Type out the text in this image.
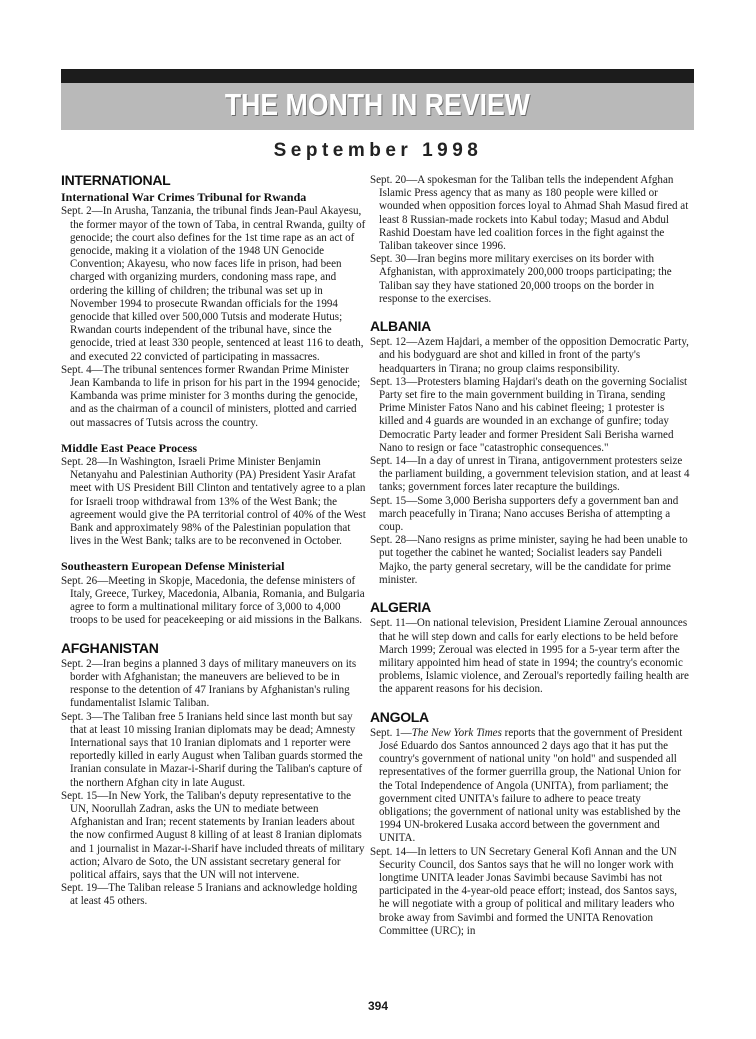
THE MONTH IN REVIEW
September 1998
INTERNATIONAL
International War Crimes Tribunal for Rwanda

Sept. 2—In Arusha, Tanzania, the tribunal finds Jean-Paul Akayesu, the former mayor of the town of Taba, in central Rwanda, guilty of genocide; the court also defines for the 1st time rape as an act of genocide, making it a violation of the 1948 UN Genocide Convention; Akayesu, who now faces life in prison, had been charged with organizing murders, condoning mass rape, and ordering the killing of children; the tribunal was set up in November 1994 to prosecute Rwandan officials for the 1994 genocide that killed over 500,000 Tutsis and moderate Hutus; Rwandan courts independent of the tribunal have, since the genocide, tried at least 330 people, sentenced at least 116 to death, and executed 22 convicted of participating in massacres.

Sept. 4—The tribunal sentences former Rwandan Prime Minister Jean Kambanda to life in prison for his part in the 1994 genocide; Kambanda was prime minister for 3 months during the genocide, and as the chairman of a council of ministers, plotted and carried out massacres of Tutsis across the country.

Middle East Peace Process

Sept. 28—In Washington, Israeli Prime Minister Benjamin Netanyahu and Palestinian Authority (PA) President Yasir Arafat meet with US President Bill Clinton and tentatively agree to a plan for Israeli troop withdrawal from 13% of the West Bank; the agreement would give the PA territorial control of 40% of the West Bank and approximately 98% of the Palestinian population that lives in the West Bank; talks are to be reconvened in October.

Southeastern European Defense Ministerial

Sept. 26—Meeting in Skopje, Macedonia, the defense ministers of Italy, Greece, Turkey, Macedonia, Albania, Romania, and Bulgaria agree to form a multinational military force of 3,000 to 4,000 troops to be used for peacekeeping or aid missions in the Balkans.

AFGHANISTAN

Sept. 2—Iran begins a planned 3 days of military maneuvers on its border with Afghanistan; the maneuvers are believed to be in response to the detention of 47 Iranians by Afghanistan's ruling fundamentalist Islamic Taliban.

Sept. 3—The Taliban free 5 Iranians held since last month but say that at least 10 missing Iranian diplomats may be dead; Amnesty International says that 10 Iranian diplomats and 1 reporter were reportedly killed in early August when Taliban guards stormed the Iranian consulate in Mazar-i-Sharif during the Taliban's capture of the northern Afghan city in late August.

Sept. 15—In New York, the Taliban's deputy representative to the UN, Noorullah Zadran, asks the UN to mediate between Afghanistan and Iran; recent statements by Iranian leaders about the now confirmed August 8 killing of at least 8 Iranian diplomats and 1 journalist in Mazar-i-Sharif have included threats of military action; Alvaro de Soto, the UN assistant secretary general for political affairs, says that the UN will not intervene.

Sept. 19—The Taliban release 5 Iranians and acknowledge holding at least 45 others.

Sept. 20—A spokesman for the Taliban tells the independent Afghan Islamic Press agency that as many as 180 people were killed or wounded when opposition forces loyal to Ahmad Shah Masud fired at least 8 Russian-made rockets into Kabul today; Masud and Abdul Rashid Doestam have led coalition forces in the fight against the Taliban takeover since 1996.

Sept. 30—Iran begins more military exercises on its border with Afghanistan, with approximately 200,000 troops participating; the Taliban say they have stationed 20,000 troops on the border in response to the exercises.

ALBANIA

Sept. 12—Azem Hajdari, a member of the opposition Democratic Party, and his bodyguard are shot and killed in front of the party's headquarters in Tirana; no group claims responsibility.

Sept. 13—Protesters blaming Hajdari's death on the governing Socialist Party set fire to the main government building in Tirana, sending Prime Minister Fatos Nano and his cabinet fleeing; 1 protester is killed and 4 guards are wounded in an exchange of gunfire; today Democratic Party leader and former President Sali Berisha warned Nano to resign or face "catastrophic consequences."

Sept. 14—In a day of unrest in Tirana, antigovernment protesters seize the parliament building, a government television station, and at least 4 tanks; government forces later recapture the buildings.

Sept. 15—Some 3,000 Berisha supporters defy a government ban and march peacefully in Tirana; Nano accuses Berisha of attempting a coup.

Sept. 28—Nano resigns as prime minister, saying he had been unable to put together the cabinet he wanted; Socialist leaders say Pandeli Majko, the party general secretary, will be the candidate for prime minister.

ALGERIA

Sept. 11—On national television, President Liamine Zeroual announces that he will step down and calls for early elections to be held before March 1999; Zeroual was elected in 1995 for a 5-year term after the military appointed him head of state in 1994; the country's economic problems, Islamic violence, and Zeroual's reportedly failing health are the apparent reasons for his decision.

ANGOLA

Sept. 1—The New York Times reports that the government of President José Eduardo dos Santos announced 2 days ago that it has put the country's government of national unity "on hold" and suspended all representatives of the former guerrilla group, the National Union for the Total Independence of Angola (UNITA), from parliament; the government cited UNITA's failure to adhere to peace treaty obligations; the government of national unity was established by the 1994 UN-brokered Lusaka accord between the government and UNITA.

Sept. 14—In letters to UN Secretary General Kofi Annan and the UN Security Council, dos Santos says that he will no longer work with longtime UNITA leader Jonas Savimbi because Savimbi has not participated in the 4-year-old peace effort; instead, dos Santos says, he will negotiate with a group of political and military leaders who broke away from Savimbi and formed the UNITA Renovation Committee (URC); in

394
